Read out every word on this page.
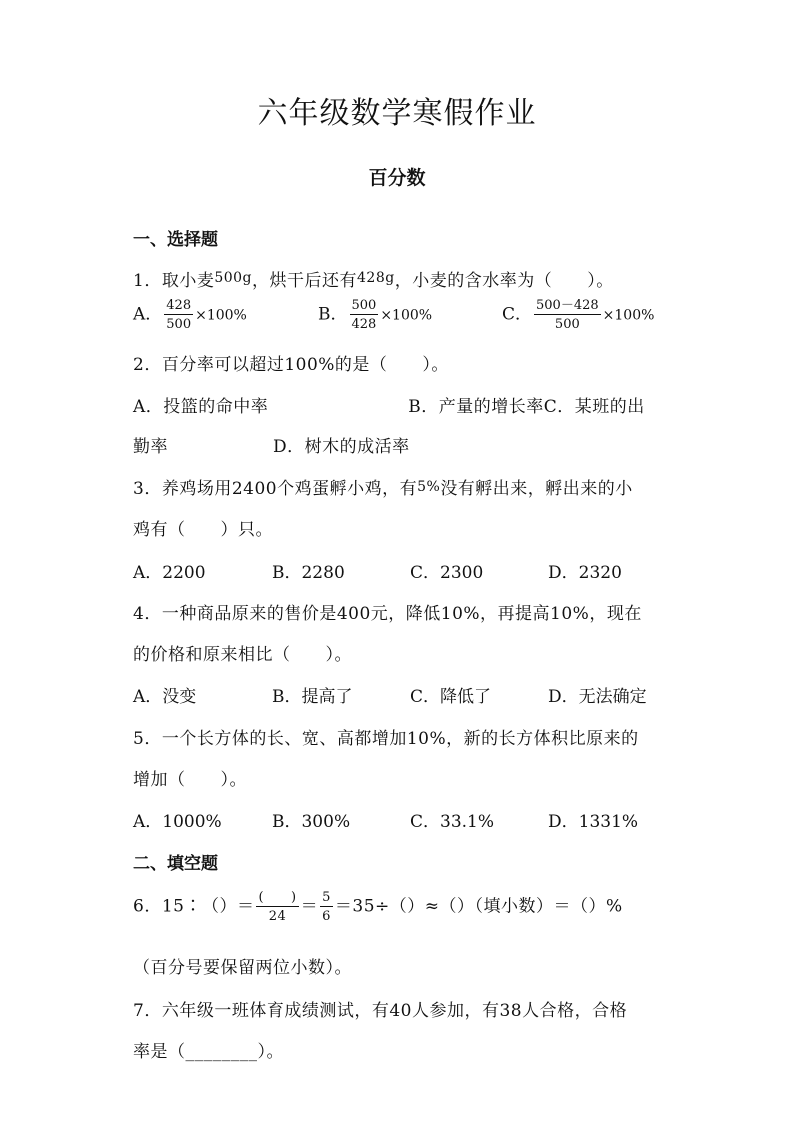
六年级数学寒假作业
百分数
一、选择题
1．取小麦$^{500g}$，烘干后还有$^{428g}$，小麦的含水率为（　　）。
A． $\frac{428}{500} \times 100\%$	B． $\frac{500}{428} \times 100\%$	C． $\frac{500-428}{500} \times 100\%$
2．百分率可以超过100%的是（　　）。
A．投篮的命中率　　　　　　　　B．产量的增长率C．某班的出
勤率　　　　　　D．树木的成活率
3．养鸡场用2400个鸡蛋孵小鸡，有5%没有孵出来，孵出来的小
鸡有（　　）只。
A．2200	B．2280	C．2300	D．2320
4．一种商品原来的售价是400元，降低10%，再提高10%，现在
的价格和原来相比（　　）。
A．没变	B．提高了	C．降低了	D．无法确定
5．一个长方体的长、宽、高都增加10%，新的长方体积比原来的
增加（　　）。
A．1000%	B．300%	C．33.1%	D．1331%
二、填空题
6．15∶（）＝ $\frac{( )}{24} = \frac{5}{6} =35\div()\approx()$（填小数）＝（）%
（百分号要保留两位小数）。
7．六年级一班体育成绩测试，有40人参加，有38人合格，合格
率是（________）。
